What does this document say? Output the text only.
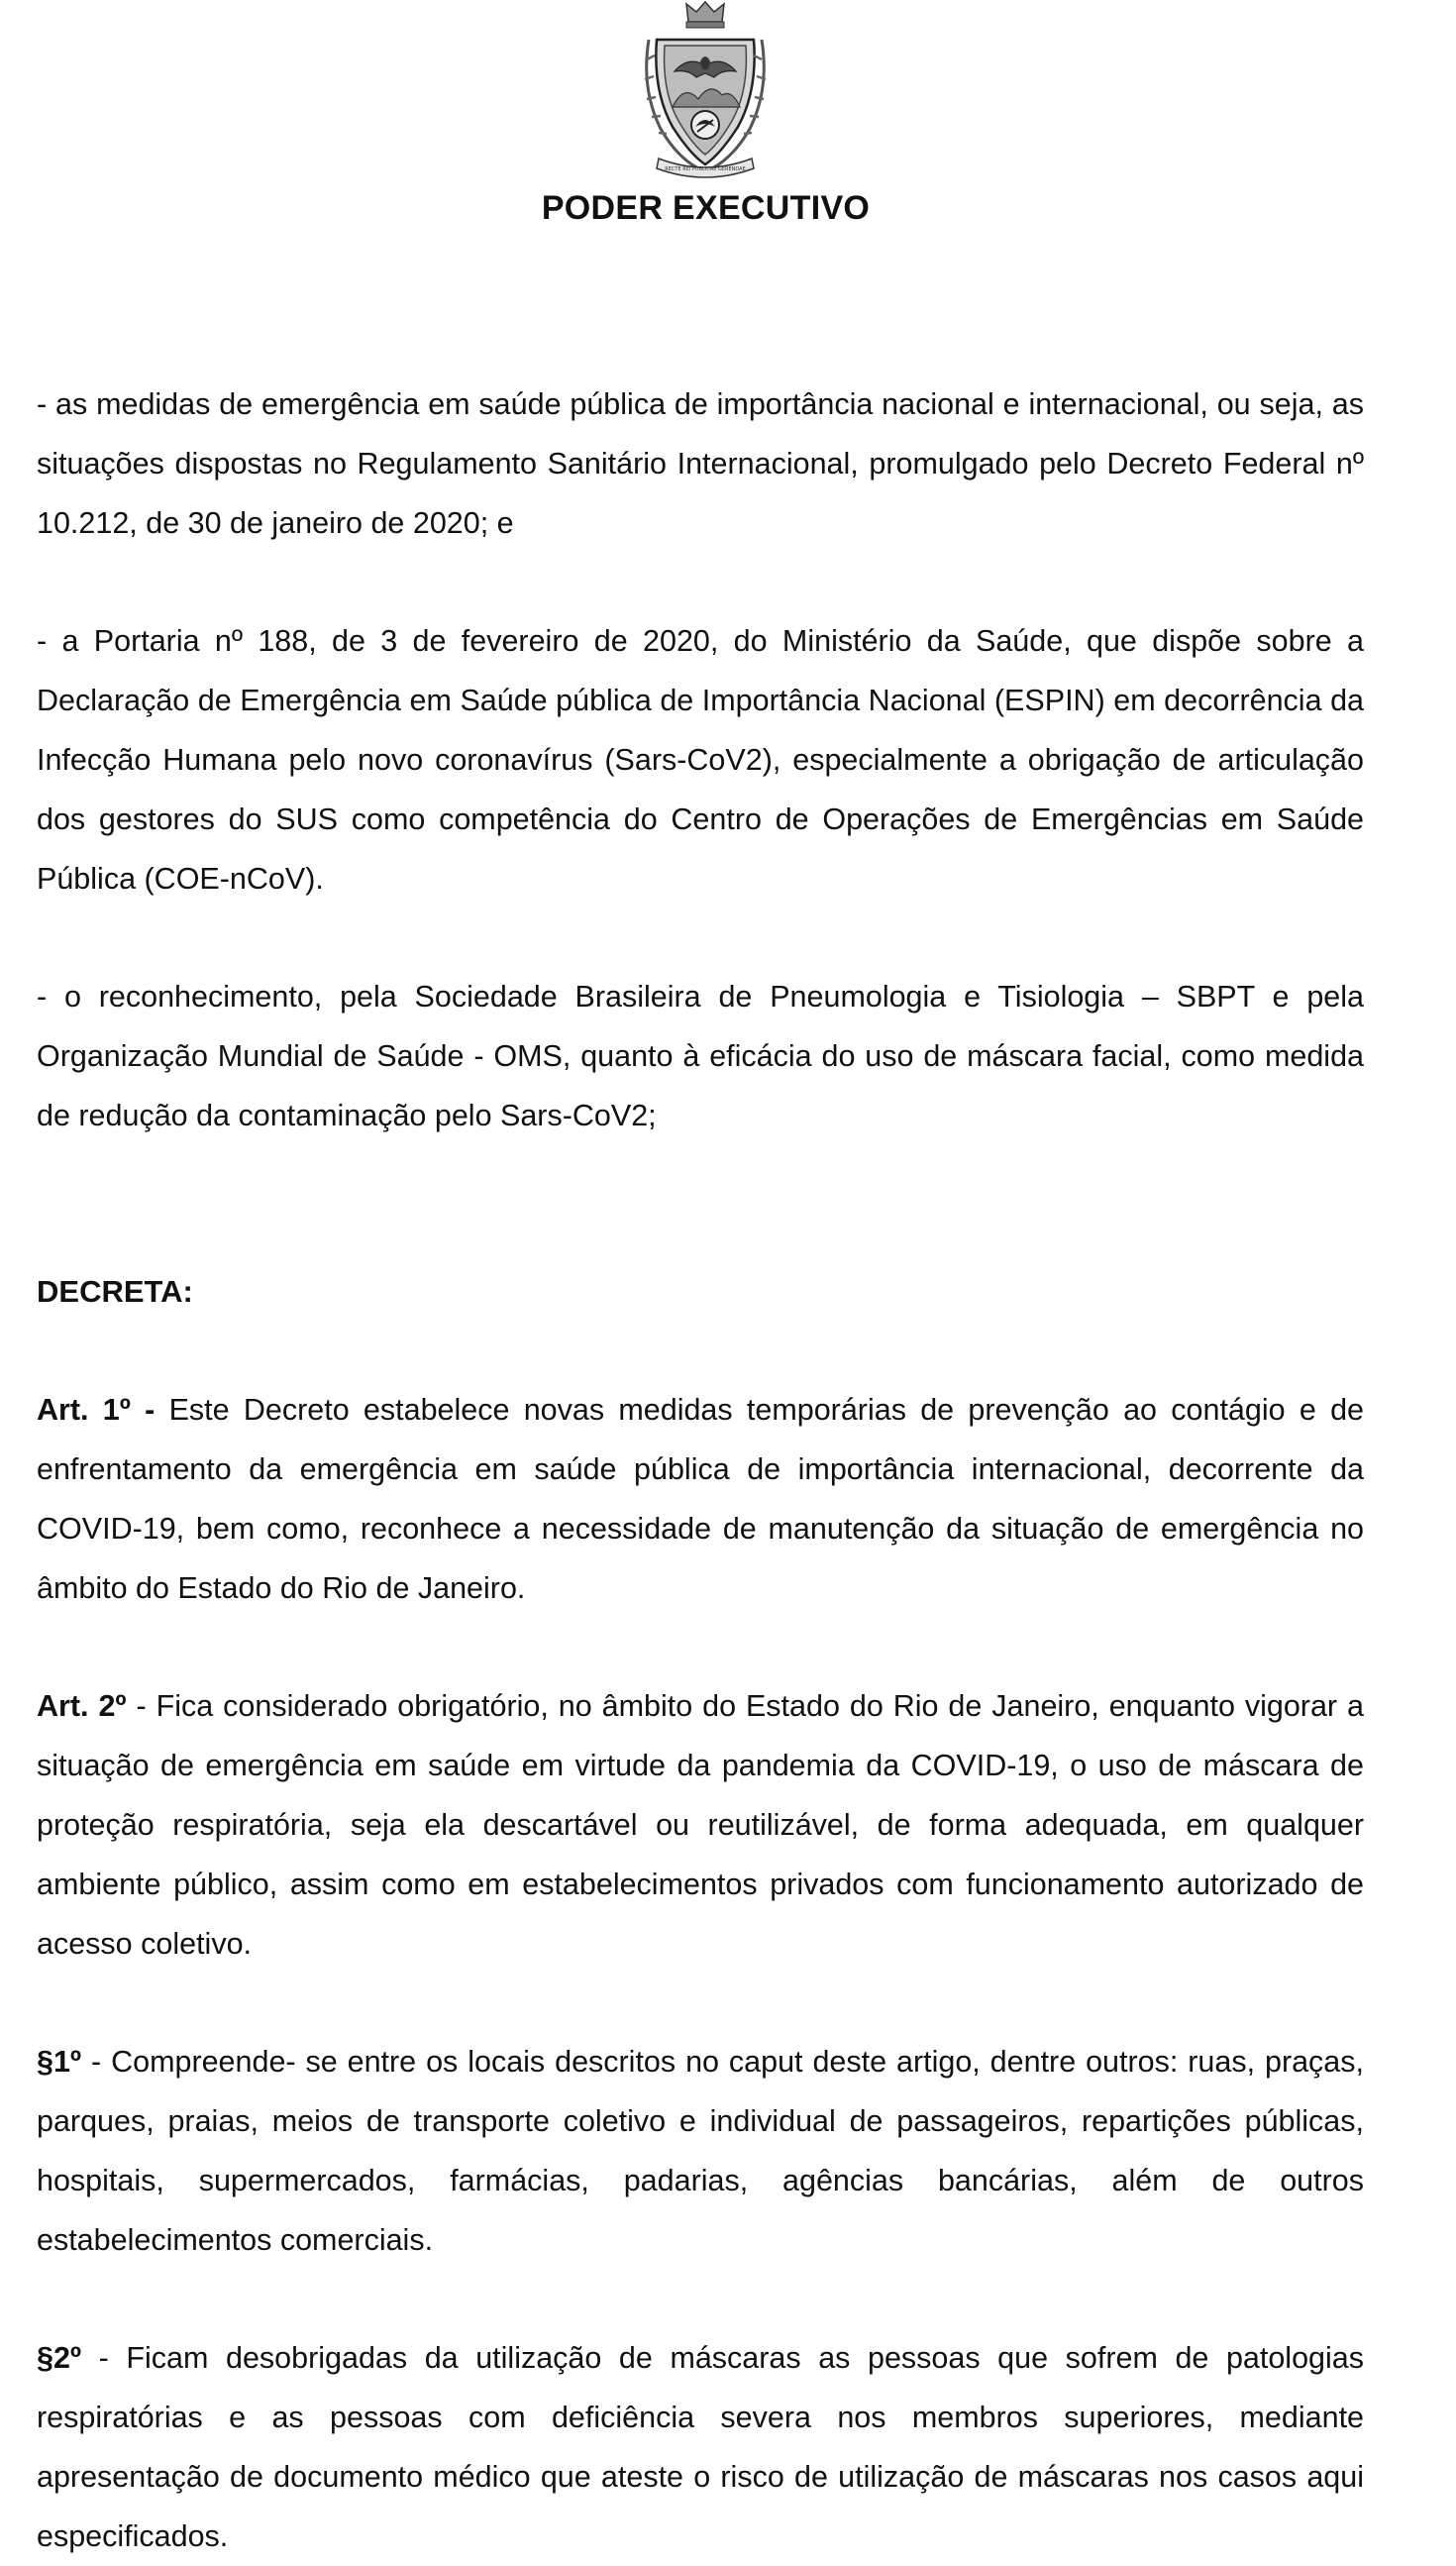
RECTE REI PUBLICAE GERENDAE
PODER EXECUTIVO

- as medidas de emergência em saúde pública de importância nacional e internacional, ou seja, as situações dispostas no Regulamento Sanitário Internacional, promulgado pelo Decreto Federal nº 10.212, de 30 de janeiro de 2020; e

- a Portaria nº 188, de 3 de fevereiro de 2020, do Ministério da Saúde, que dispõe sobre a Declaração de Emergência em Saúde pública de Importância Nacional (ESPIN) em decorrência da Infecção Humana pelo novo coronavírus (Sars-CoV2), especialmente a obrigação de articulação dos gestores do SUS como competência do Centro de Operações de Emergências em Saúde Pública (COE-nCoV).

- o reconhecimento, pela Sociedade Brasileira de Pneumologia e Tisiologia – SBPT e pela Organização Mundial de Saúde - OMS, quanto à eficácia do uso de máscara facial, como medida de redução da contaminação pelo Sars-CoV2;

DECRETA:

Art. 1º - Este Decreto estabelece novas medidas temporárias de prevenção ao contágio e de enfrentamento da emergência em saúde pública de importância internacional, decorrente da COVID-19, bem como, reconhece a necessidade de manutenção da situação de emergência no âmbito do Estado do Rio de Janeiro.

Art. 2º - Fica considerado obrigatório, no âmbito do Estado do Rio de Janeiro, enquanto vigorar a situação de emergência em saúde em virtude da pandemia da COVID-19, o uso de máscara de proteção respiratória, seja ela descartável ou reutilizável, de forma adequada, em qualquer ambiente público, assim como em estabelecimentos privados com funcionamento autorizado de acesso coletivo.

§1º - Compreende- se entre os locais descritos no caput deste artigo, dentre outros: ruas, praças, parques, praias, meios de transporte coletivo e individual de passageiros, repartições públicas, hospitais, supermercados, farmácias, padarias, agências bancárias, além de outros estabelecimentos comerciais.

§2º - Ficam desobrigadas da utilização de máscaras as pessoas que sofrem de patologias respiratórias e as pessoas com deficiência severa nos membros superiores, mediante apresentação de documento médico que ateste o risco de utilização de máscaras nos casos aqui especificados.
